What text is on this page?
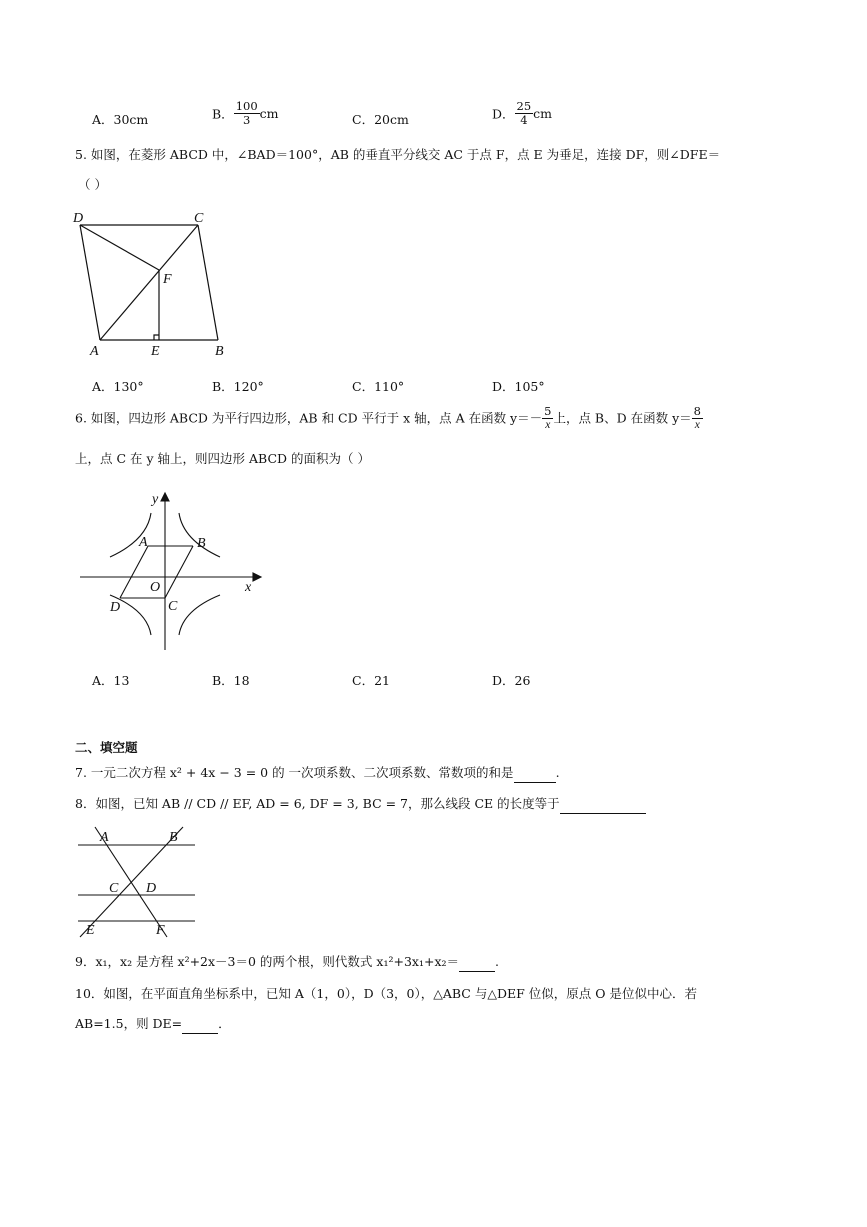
A．30cm	B． $\frac{100}{3}$ cm	C．20cm	D． $\frac{25}{4}$ cm
5. 如图，在菱形 ABCD 中，∠BAD＝100°，AB 的垂直平分线交 AC 于点 F，点 E 为垂足，连接 DF，则∠DFE＝
（ ）
D	C
F
A	E	B
A．130°	B．120°	C．110°	D．105°
6. 如图，四边形 ABCD 为平行四边形，AB 和 CD 平行于 x 轴，点 A 在函数 $y=- \frac{5}{x}$ 上，点 B、D 在函数 $y= \frac{8}{x}$
上，点 C 在 y 轴上，则四边形 ABCD 的面积为（ ）
y
x
A	B
O
D	C
A．13	B．18	C．21	D．26
二、填空题
7. 一元二次方程 x² + 4x − 3 = 0 的 一次项系数、二次项系数、常数项的和是	.
8．如图，已知 AB // CD // EF, AD = 6, DF = 3, BC = 7，那么线段 CE 的长度等于
A	B
C D
E	F
9．x₁，x₂ 是方程 x²+2x－3＝0 的两个根，则代数式 x₁²+3x₁+x₂＝	.
10．如图，在平面直角坐标系中，已知 A（1，0），D（3，0），△ABC 与△DEF 位似，原点 O 是位似中心．若
AB=1.5，则 DE=	．
